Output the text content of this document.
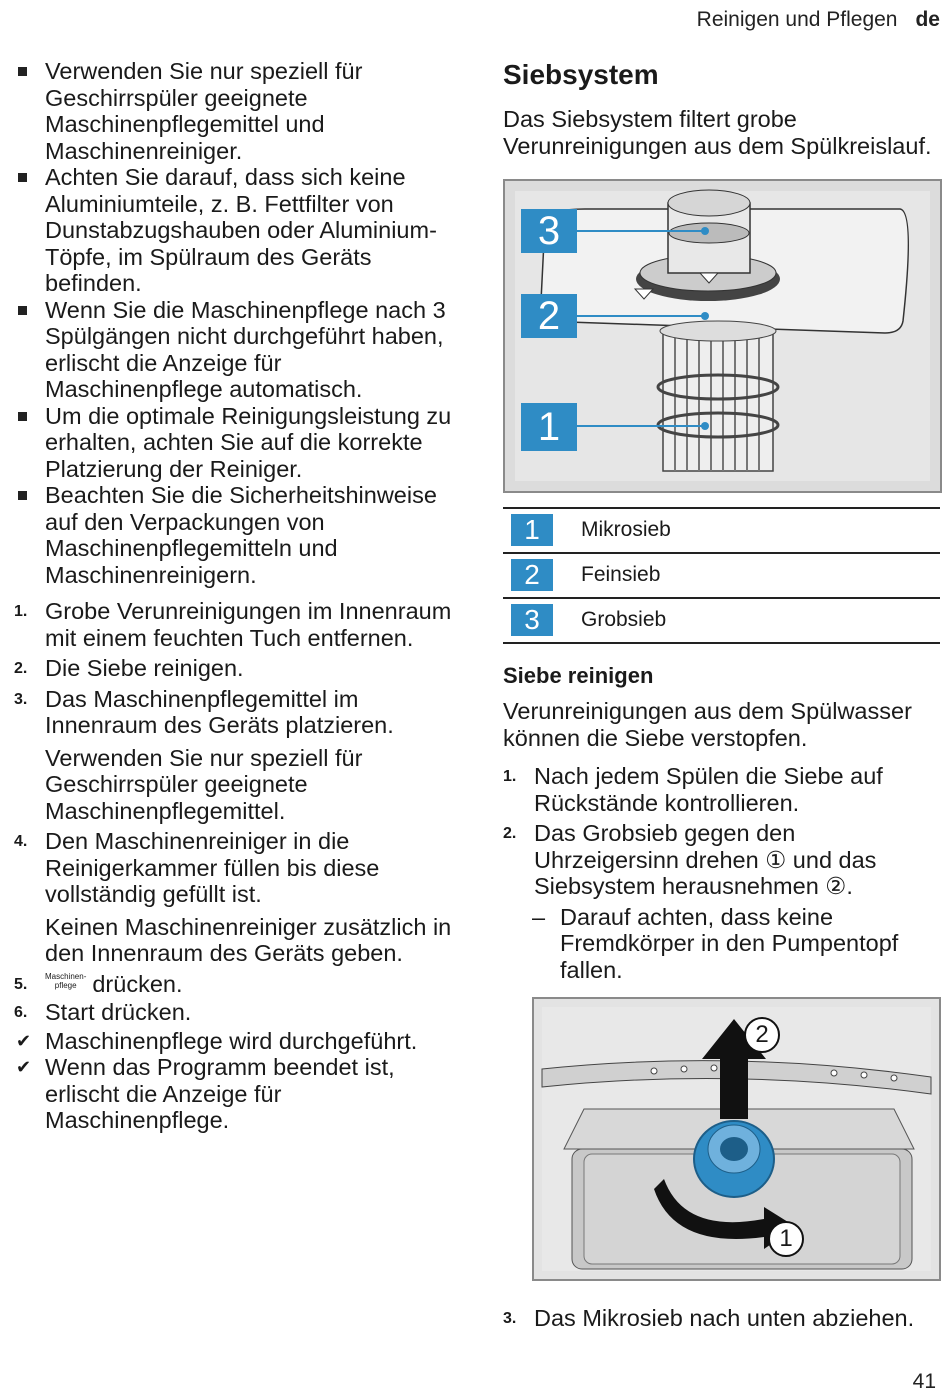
Reinigen und Pflegen de
Verwenden Sie nur speziell für Geschirrspüler geeignete Maschinenpflegemittel und Maschinenreiniger.
Achten Sie darauf, dass sich keine Aluminiumteile, z. B. Fettfilter von Dunstabzugshauben oder Aluminium-Töpfe, im Spülraum des Geräts befinden.
Wenn Sie die Maschinenpflege nach 3 Spülgängen nicht durchgeführt haben, erlischt die Anzeige für Maschinenpflege automatisch.
Um die optimale Reinigungsleistung zu erhalten, achten Sie auf die korrekte Platzierung der Reiniger.
Beachten Sie die Sicherheitshinweise auf den Verpackungen von Maschinenpflegemitteln und Maschinenreinigern.
1. Grobe Verunreinigungen im Innenraum mit einem feuchten Tuch entfernen.
2. Die Siebe reinigen.
3. Das Maschinenpflegemittel im Innenraum des Geräts platzieren.
Verwenden Sie nur speziell für Geschirrspüler geeignete Maschinenpflegemittel.
4. Den Maschinenreiniger in die Reinigerkammer füllen bis diese vollständig gefüllt ist.
Keinen Maschinenreiniger zusätzlich in den Innenraum des Geräts geben.
5. Maschinen-
pflege drücken.
6. Start drücken.
✔ Maschinenpflege wird durchgeführt.
✔ Wenn das Programm beendet ist, erlischt die Anzeige für Maschinenpflege.
Siebsystem
Das Siebsystem filtert grobe Verunreinigungen aus dem Spülkreislauf.
3
2
1
1	Mikrosieb
2	Feinsieb
3	Grobsieb
Siebe reinigen
Verunreinigungen aus dem Spülwasser können die Siebe verstopfen.
1. Nach jedem Spülen die Siebe auf Rückstände kontrollieren.
2. Das Grobsieb gegen den Uhrzeigersinn drehen ① und das Siebsystem herausnehmen ②.
– Darauf achten, dass keine Fremdkörper in den Pumpentopf fallen.
2
1
3. Das Mikrosieb nach unten abziehen.
41
